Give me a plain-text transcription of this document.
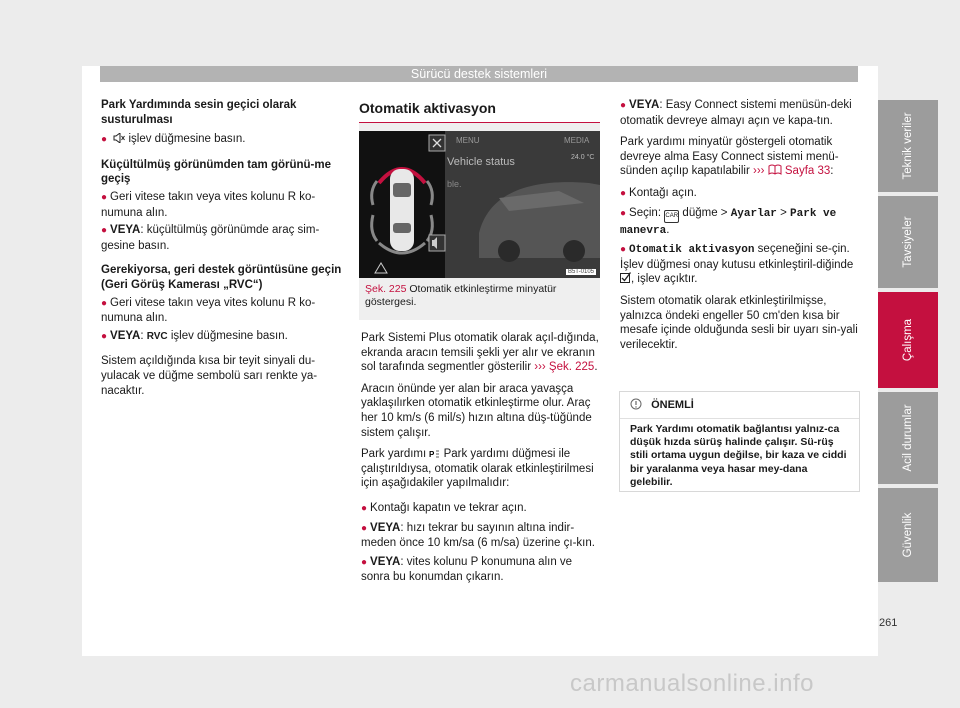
Sürücü destek sistemleri

Park Yardımında sesin geçici olarak susturulması

● işlev düğmesine basın.

Küçültülmüş görünümden tam görünü-me geçiş

● Geri vitese takın veya vites kolunu R ko-numuna alın.

● VEYA: küçültülmüş görünümde araç sim-gesine basın.

Gerekiyorsa, geri destek görüntüsüne geçin (Geri Görüş Kamerası „RVC“)

● Geri vitese takın veya vites kolunu R ko-numuna alın.

● VEYA: RVC işlev düğmesine basın.

Sistem açıldığında kısa bir teyit sinyali du-yulacak ve düğme sembolü sarı renkte ya-nacaktır.

Otomatik aktivasyon
MENU	MEDIA
Vehicle status	24.0 °C
ble.
B5T-0105
Şek. 225 Otomatik etkinleştirme minyatür göstergesi.

Park Sistemi Plus otomatik olarak açıl-dığında, ekranda aracın temsili şekli yer alır ve ekranın sol tarafında segmentler gösterilir ››› Şek. 225.

Aracın önünde yer alan bir araca yavaşça yaklaşılırken otomatik etkinleştirme olur. Araç her 10 km/s (6 mil/s) hızın altına düş-tüğünde sistem çalışır.

Park yardımı P Park yardımı düğmesi ile çalıştırıldıysa, otomatik olarak etkinleştirilmesi için aşağıdakiler yapılmalıdır:

● Kontağı kapatın ve tekrar açın.

● VEYA: hızı tekrar bu sayının altına indir-meden önce 10 km/sa (6 m/sa) üzerine çı-kın.

● VEYA: vites kolunu P konumuna alın ve sonra bu konumdan çıkarın.

● VEYA: Easy Connect sistemi menüsün-deki otomatik devreye almayı açın ve kapa-tın.

Park yardımı minyatür göstergeli otomatik devreye alma Easy Connect sistemi menü-sünden açılıp kapatılabilir ›››  Sayfa 33:

● Kontağı açın.

● Seçin: CAR düğme > Ayarlar > Park ve manevra.

● Otomatik aktivasyon seçeneğini se-çin. İşlev düğmesi onay kutusu etkinleştiril-diğinde , işlev açıktır.

Sistem otomatik olarak etkinleştirilmişse, yalnızca öndeki engeller 50 cm'den kısa bir mesafe içinde olduğunda sesli bir uyarı sin-yali verilecektir.

ÖNEMLİ
Park Yardımı otomatik bağlantısı yalnız-ca düşük hızda sürüş halinde çalışır. Sü-rüş stili ortama uygun değilse, bir kaza ve ciddi bir yaralanma veya hasar mey-dana gelebilir.
Teknik veriler
Tavsiyeler
Çalışma
Acil durumlar
Güvenlik
261
carmanualsonline.info
